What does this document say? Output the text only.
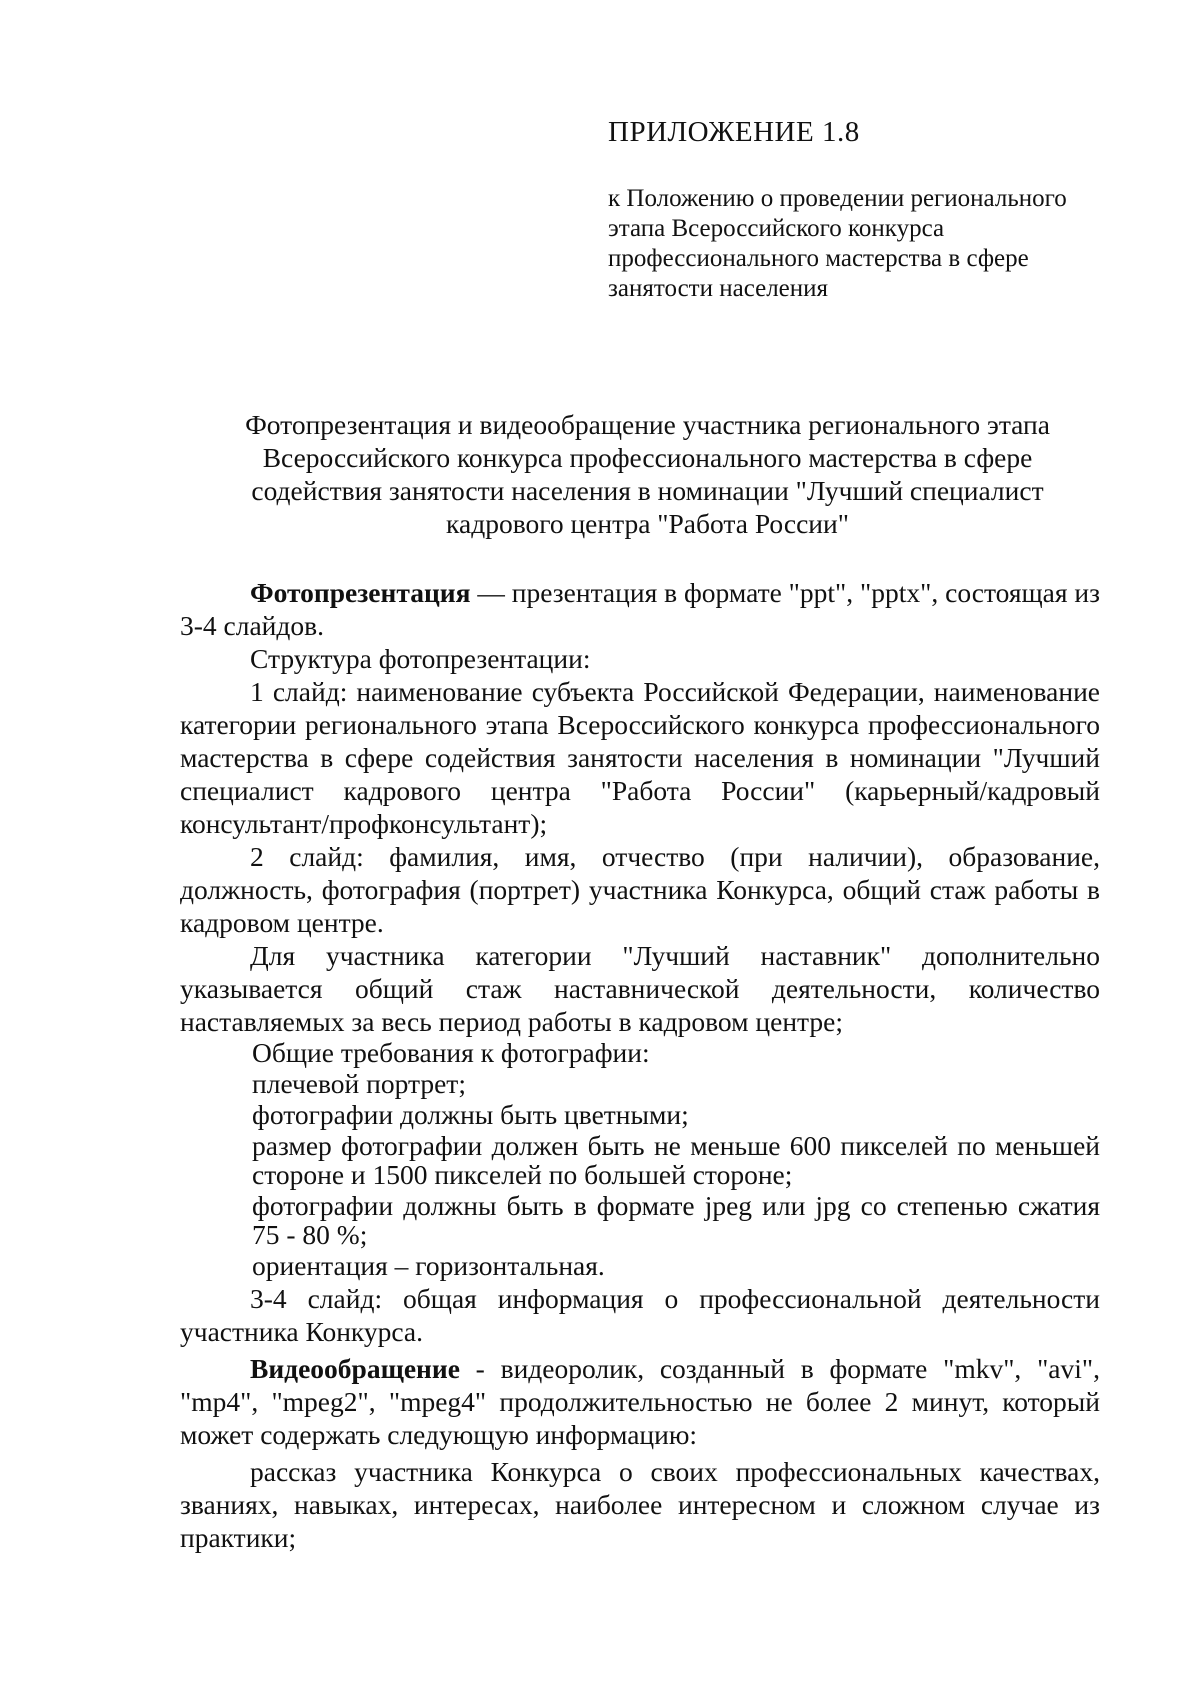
ПРИЛОЖЕНИЕ 1.8
к Положению о проведении регионального этапа Всероссийского конкурса профессионального мастерства в сфере занятости населения
Фотопрезентация и видеообращение участника регионального этапа Всероссийского конкурса профессионального мастерства в сфере содействия занятости населения в номинации "Лучший специалист кадрового центра "Работа России"

Фотопрезентация — презентация в формате "ppt", "pptx", состоящая из 3-4 слайдов.

Структура фотопрезентации:

1 слайд: наименование субъекта Российской Федерации, наименование категории регионального этапа Всероссийского конкурса профессионального мастерства в сфере содействия занятости населения в номинации "Лучший специалист кадрового центра "Работа России" (карьерный/кадровый консультант/профконсультант);

2 слайд: фамилия, имя, отчество (при наличии), образование, должность, фотография (портрет) участника Конкурса, общий стаж работы в кадровом центре.

Для участника категории "Лучший наставник" дополнительно указывается общий стаж наставнической деятельности, количество наставляемых за весь период работы в кадровом центре;

Общие требования к фотографии:

плечевой портрет;

фотографии должны быть цветными;

размер фотографии должен быть не меньше 600 пикселей по меньшей стороне и 1500 пикселей по большей стороне;

фотографии должны быть в формате jpeg или jpg со степенью сжатия 75 - 80 %;

ориентация – горизонтальная.

3-4 слайд: общая информация о профессиональной деятельности участника Конкурса.

Видеообращение - видеоролик, созданный в формате "mkv", "avi", "mp4", "mpeg2", "mpeg4" продолжительностью не более 2 минут, который может содержать следующую информацию:

рассказ участника Конкурса о своих профессиональных качествах, званиях, навыках, интересах, наиболее интересном и сложном случае из практики;
